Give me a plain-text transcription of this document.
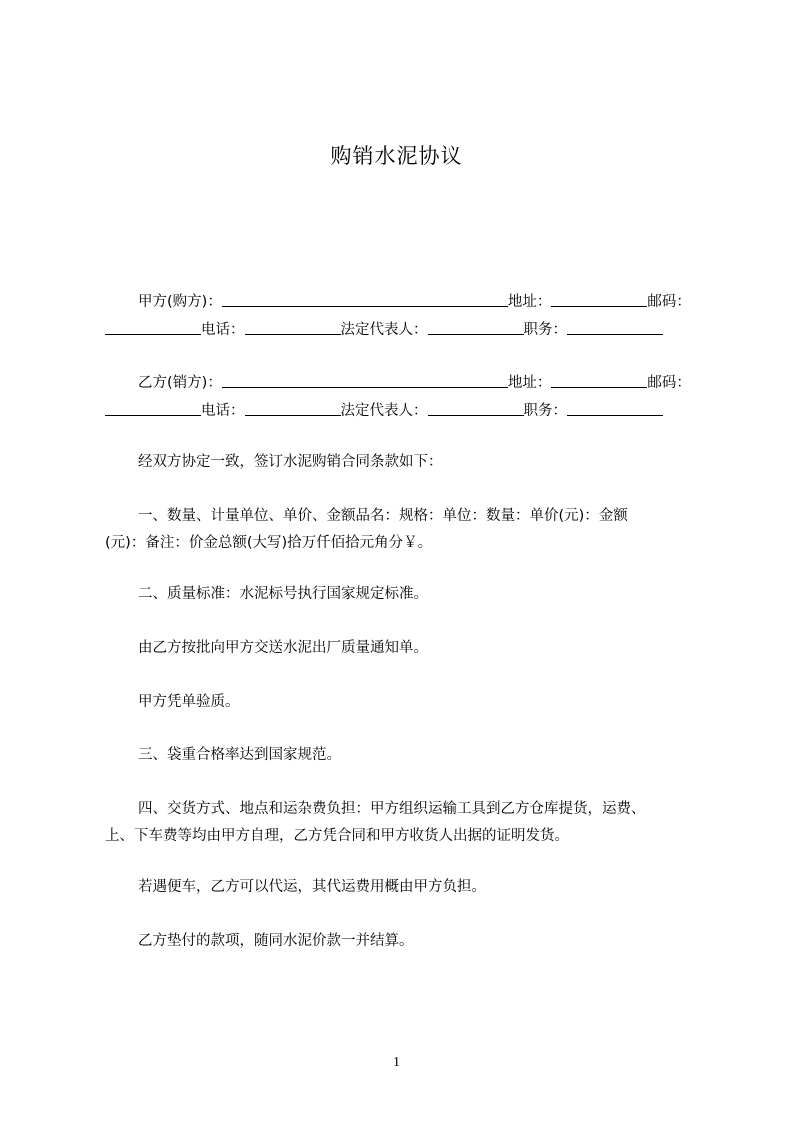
购销水泥协议
甲方(购方)：	地址：	邮码：
电话：	法定代表人：	职务：
乙方(销方)：	地址：	邮码：
电话：	法定代表人：	职务：
经双方协定一致，签订水泥购销合同条款如下：
一、数量、计量单位、单价、金额品名：规格：单位：数量：单价(元)：金额
(元)：备注：价金总额(大写)拾万仟佰拾元角分￥。
二、质量标准：水泥标号执行国家规定标准。
由乙方按批向甲方交送水泥出厂质量通知单。
甲方凭单验质。
三、袋重合格率达到国家规范。
四、交货方式、地点和运杂费负担：甲方组织运输工具到乙方仓库提货，运费、
上、下车费等均由甲方自理，乙方凭合同和甲方收货人出据的证明发货。
若遇便车，乙方可以代运，其代运费用概由甲方负担。
乙方垫付的款项，随同水泥价款一并结算。
1
